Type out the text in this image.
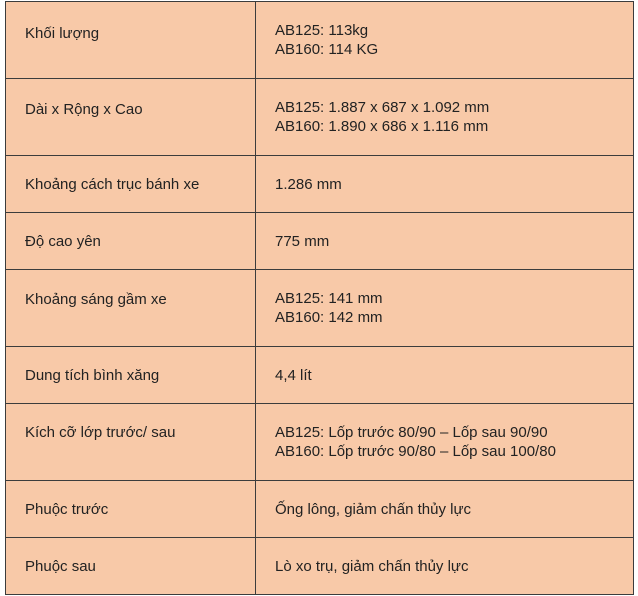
Khối lượng	AB125: 113kg
AB160: 114 KG

Dài x Rộng x Cao	AB125: 1.887 x 687 x 1.092 mm
AB160: 1.890 x 686 x 1.116 mm

Khoảng cách trục bánh xe	1.286 mm

Độ cao yên	775 mm

Khoảng sáng gầm xe	AB125: 141 mm
AB160: 142 mm

Dung tích bình xăng	4,4 lít

Kích cỡ lớp trước/ sau	AB125: Lốp trước 80/90 – Lốp sau 90/90
AB160: Lốp trước 90/80 – Lốp sau 100/80

Phuộc trước	Ống lông, giảm chấn thủy lực

Phuộc sau	Lò xo trụ, giảm chấn thủy lực
